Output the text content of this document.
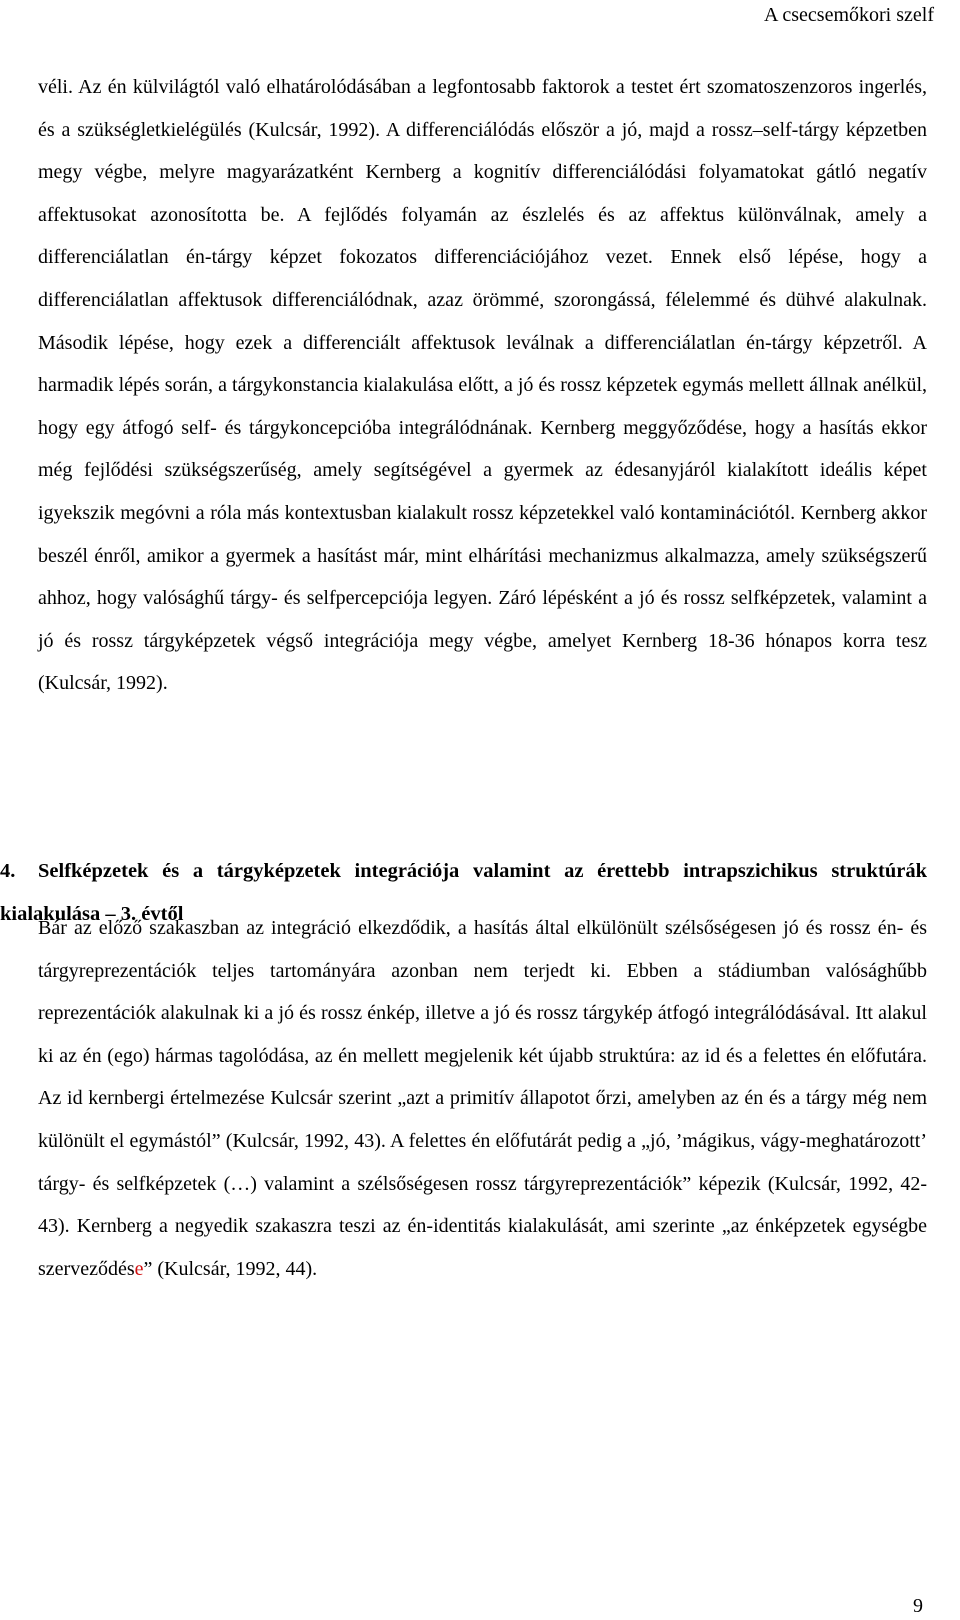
A csecsemőkori szelf

véli. Az én külvilágtól való elhatárolódásában a legfontosabb faktorok a testet ért szomatoszenzoros ingerlés, és a szükségletkielégülés (Kulcsár, 1992). A differenciálódás először a jó, majd a rossz–self-tárgy képzetben megy végbe, melyre magyarázatként Kernberg a kognitív differenciálódási folyamatokat gátló negatív affektusokat azonosította be. A fejlődés folyamán az észlelés és az affektus különválnak, amely a differenciálatlan én-tárgy képzet fokozatos differenciációjához vezet. Ennek első lépése, hogy a differenciálatlan affektusok differenciálódnak, azaz örömmé, szorongássá, félelemmé és dühvé alakulnak. Második lépése, hogy ezek a differenciált affektusok leválnak a differenciálatlan én-tárgy képzetről. A harmadik lépés során, a tárgykonstancia kialakulása előtt, a jó és rossz képzetek egymás mellett állnak anélkül, hogy egy átfogó self- és tárgykoncepcióba integrálódnának. Kernberg meggyőződése, hogy a hasítás ekkor még fejlődési szükségszerűség, amely segítségével a gyermek az édesanyjáról kialakított ideális képet igyekszik megóvni a róla más kontextusban kialakult rossz képzetekkel való kontaminációtól. Kernberg akkor beszél énről, amikor a gyermek a hasítást már, mint elhárítási mechanizmus alkalmazza, amely szükségszerű ahhoz, hogy valósághű tárgy- és selfpercepciója legyen. Záró lépésként a jó és rossz selfképzetek, valamint a jó és rossz tárgyképzetek végső integrációja megy végbe, amelyet Kernberg 18-36 hónapos korra tesz (Kulcsár, 1992).

4. Selfképzetek és a tárgyképzetek integrációja valamint az érettebb intrapszichikus struktúrák kialakulása – 3. évtől

Bár az előző szakaszban az integráció elkezdődik, a hasítás által elkülönült szélsőségesen jó és rossz én- és tárgyreprezentációk teljes tartományára azonban nem terjedt ki. Ebben a stádiumban valósághűbb reprezentációk alakulnak ki a jó és rossz énkép, illetve a jó és rossz tárgykép átfogó integrálódásával. Itt alakul ki az én (ego) hármas tagolódása, az én mellett megjelenik két újabb struktúra: az id és a felettes én előfutára. Az id kernbergi értelmezése Kulcsár szerint „azt a primitív állapotot őrzi, amelyben az én és a tárgy még nem különült el egymástól” (Kulcsár, 1992, 43). A felettes én előfutárát pedig a „jó, ’mágikus, vágy-meghatározott’ tárgy- és selfképzetek (…) valamint a szélsőségesen rossz tárgyreprezentációk” képezik (Kulcsár, 1992, 42-43). Kernberg a negyedik szakaszra teszi az én-identitás kialakulását, ami szerinte „az énképzetek egységbe szerveződése” (Kulcsár, 1992, 44).

9
